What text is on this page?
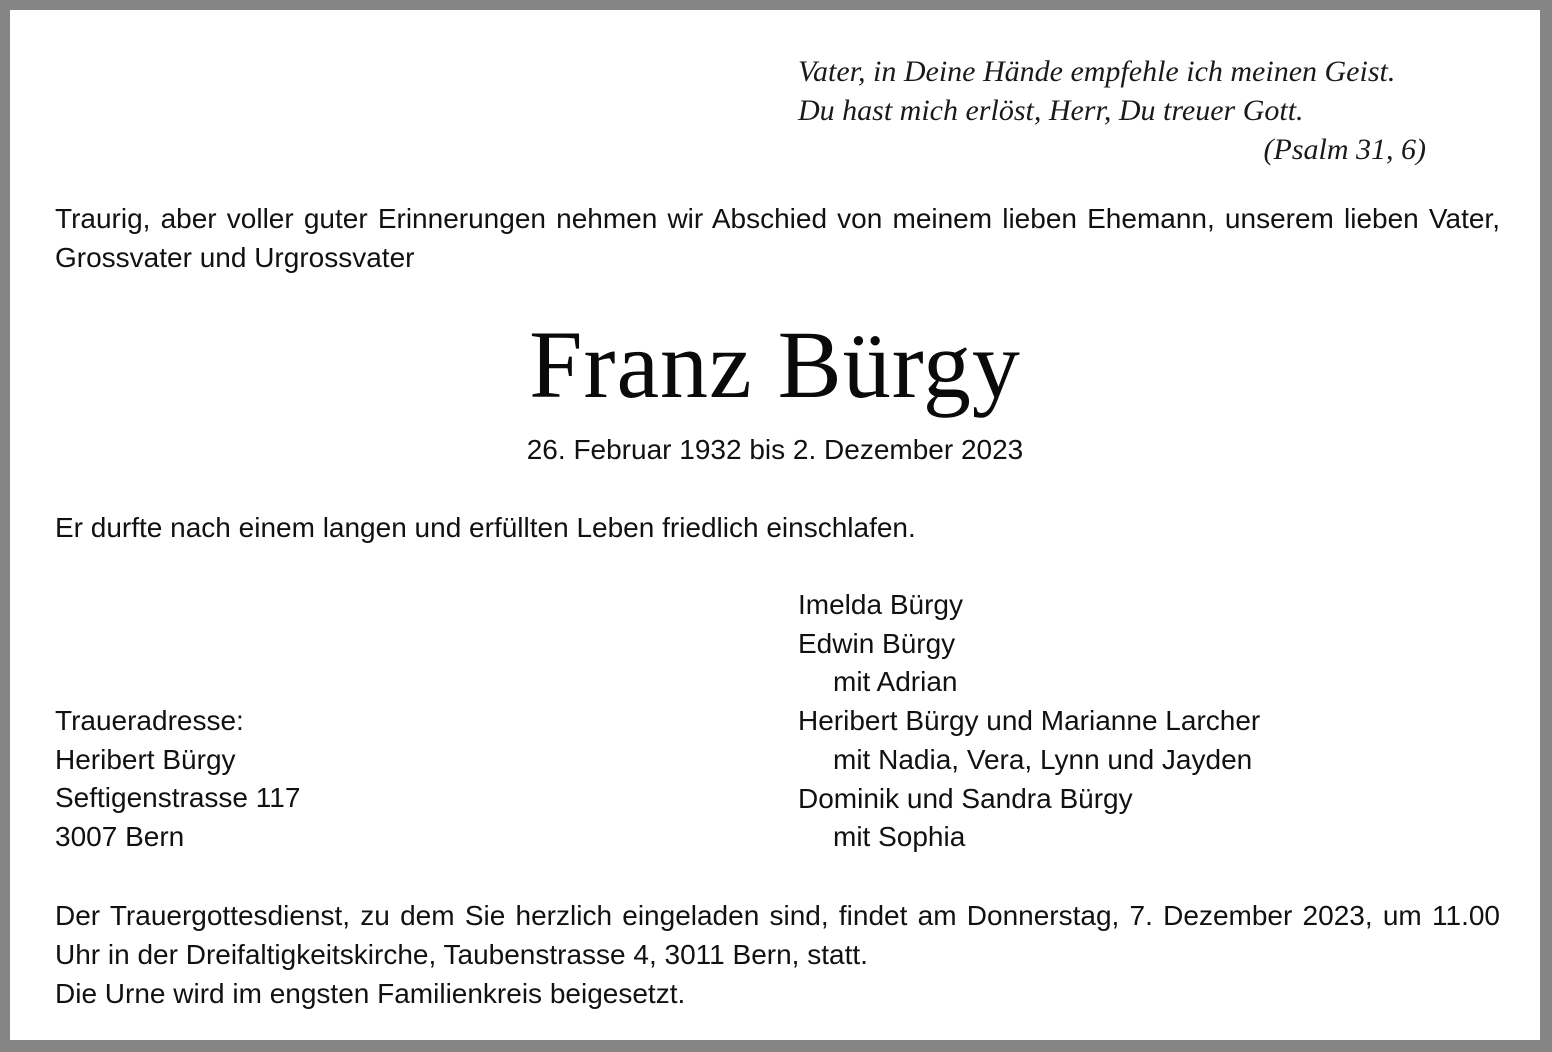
Vater, in Deine Hände empfehle ich meinen Geist.
Du hast mich erlöst, Herr, Du treuer Gott.
(Psalm 31, 6)
Traurig, aber voller guter Erinnerungen nehmen wir Abschied von meinem lieben Ehemann, unserem lieben Vater, Grossvater und Urgrossvater
Franz Bürgy
26. Februar 1932 bis 2. Dezember 2023
Er durfte nach einem langen und erfüllten Leben friedlich einschlafen.
Imelda Bürgy
Edwin Bürgy
mit Adrian
Heribert Bürgy und Marianne Larcher
mit Nadia, Vera, Lynn und Jayden
Dominik und Sandra Bürgy
mit Sophia
Traueradresse:
Heribert Bürgy
Seftigenstrasse 117
3007 Bern
Der Trauergottesdienst, zu dem Sie herzlich eingeladen sind, findet am Donnerstag, 7. Dezember 2023, um 11.00 Uhr in der Dreifaltigkeitskirche, Taubenstrasse 4, 3011 Bern, statt.
Die Urne wird im engsten Familienkreis beigesetzt.
